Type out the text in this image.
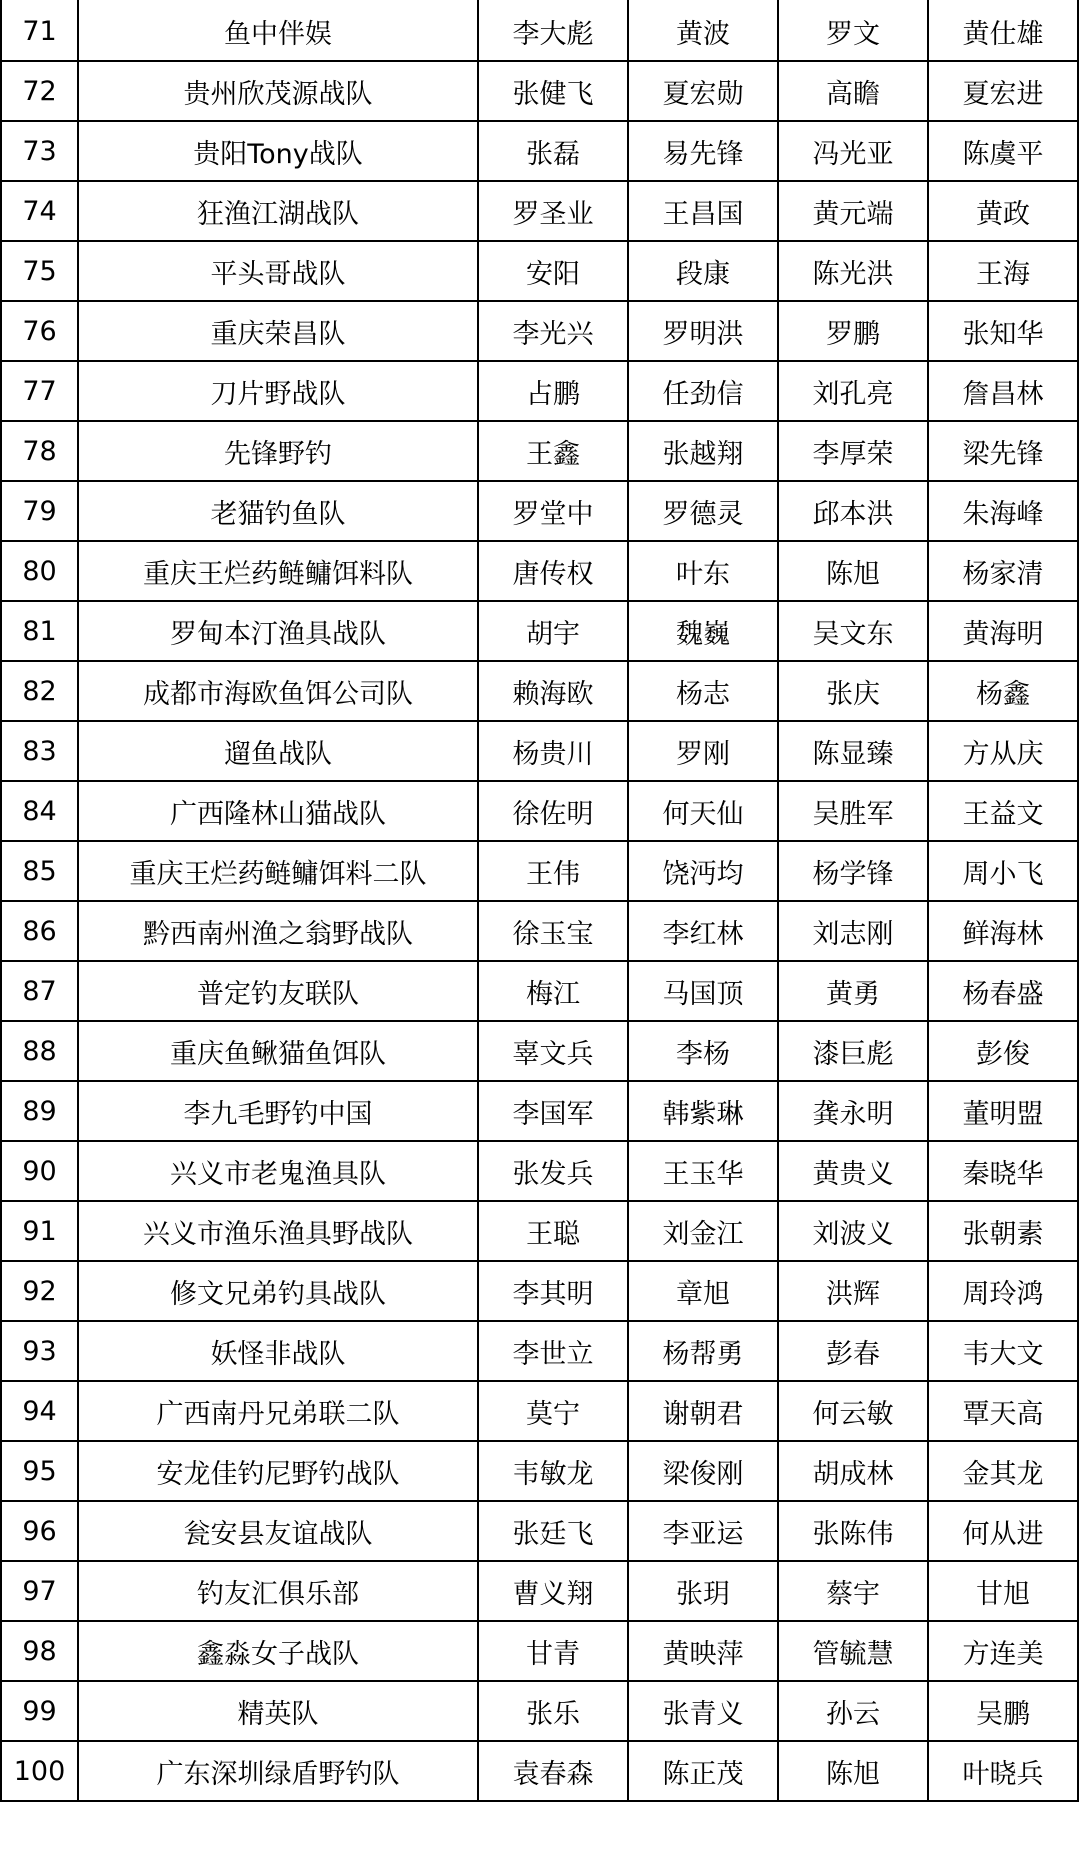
71	鱼中伴娱	李大彪	黄波	罗文	黄仕雄
72	贵州欣茂源战队	张健飞	夏宏勋	高瞻	夏宏进
73	贵阳Tony战队	张磊	易先锋	冯光亚	陈虞平
74	狂渔江湖战队	罗圣业	王昌国	黄元端	黄政
75	平头哥战队	安阳	段康	陈光洪	王海
76	重庆荣昌队	李光兴	罗明洪	罗鹏	张知华
77	刀片野战队	占鹏	任劲信	刘孔亮	詹昌林
78	先锋野钓	王鑫	张越翔	李厚荣	梁先锋
79	老猫钓鱼队	罗堂中	罗德灵	邱本洪	朱海峰
80	重庆王烂药鲢鳙饵料队	唐传权	叶东	陈旭	杨家清
81	罗甸本汀渔具战队	胡宇	魏巍	吴文东	黄海明
82	成都市海欧鱼饵公司队	赖海欧	杨志	张庆	杨鑫
83	遛鱼战队	杨贵川	罗刚	陈显臻	方从庆
84	广西隆林山猫战队	徐佐明	何天仙	吴胜军	王益文
85	重庆王烂药鲢鳙饵料二队	王伟	饶沔均	杨学锋	周小飞
86	黔西南州渔之翁野战队	徐玉宝	李红林	刘志刚	鲜海林
87	普定钓友联队	梅江	马国顶	黄勇	杨春盛
88	重庆鱼鳅猫鱼饵队	辜文兵	李杨	漆巨彪	彭俊
89	李九毛野钓中国	李国军	韩紫琳	龚永明	董明盟
90	兴义市老鬼渔具队	张发兵	王玉华	黄贵义	秦晓华
91	兴义市渔乐渔具野战队	王聪	刘金江	刘波义	张朝素
92	修文兄弟钓具战队	李其明	章旭	洪辉	周玲鸿
93	妖怪非战队	李世立	杨帮勇	彭春	韦大文
94	广西南丹兄弟联二队	莫宁	谢朝君	何云敏	覃天高
95	安龙佳钓尼野钓战队	韦敏龙	梁俊刚	胡成林	金其龙
96	瓮安县友谊战队	张廷飞	李亚运	张陈伟	何从进
97	钓友汇俱乐部	曹义翔	张玥	蔡宇	甘旭
98	鑫淼女子战队	甘青	黄映萍	管毓慧	方连美
99	精英队	张乐	张青义	孙云	吴鹏
100	广东深圳绿盾野钓队	袁春森	陈正茂	陈旭	叶晓兵
